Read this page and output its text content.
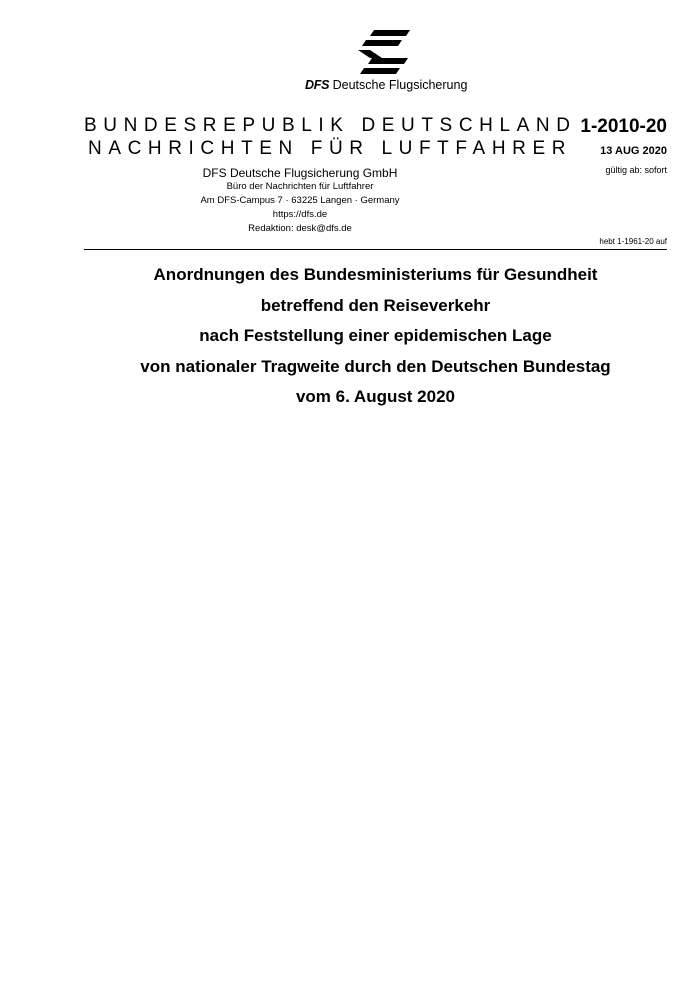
DFS Deutsche Flugsicherung
BUNDESREPUBLIK DEUTSCHLAND
NACHRICHTEN FÜR LUFTFAHRER
DFS Deutsche Flugsicherung GmbH
Büro der Nachrichten für Luftfahrer
Am DFS-Campus 7 · 63225 Langen · Germany
https://dfs.de
Redaktion: desk@dfs.de
1-2010-20
13 AUG 2020
gültig ab: sofort
hebt 1-1961-20 auf
Anordnungen des Bundesministeriums für Gesundheit
betreffend den Reiseverkehr
nach Feststellung einer epidemischen Lage
von nationaler Tragweite durch den Deutschen Bundestag
vom 6. August 2020
